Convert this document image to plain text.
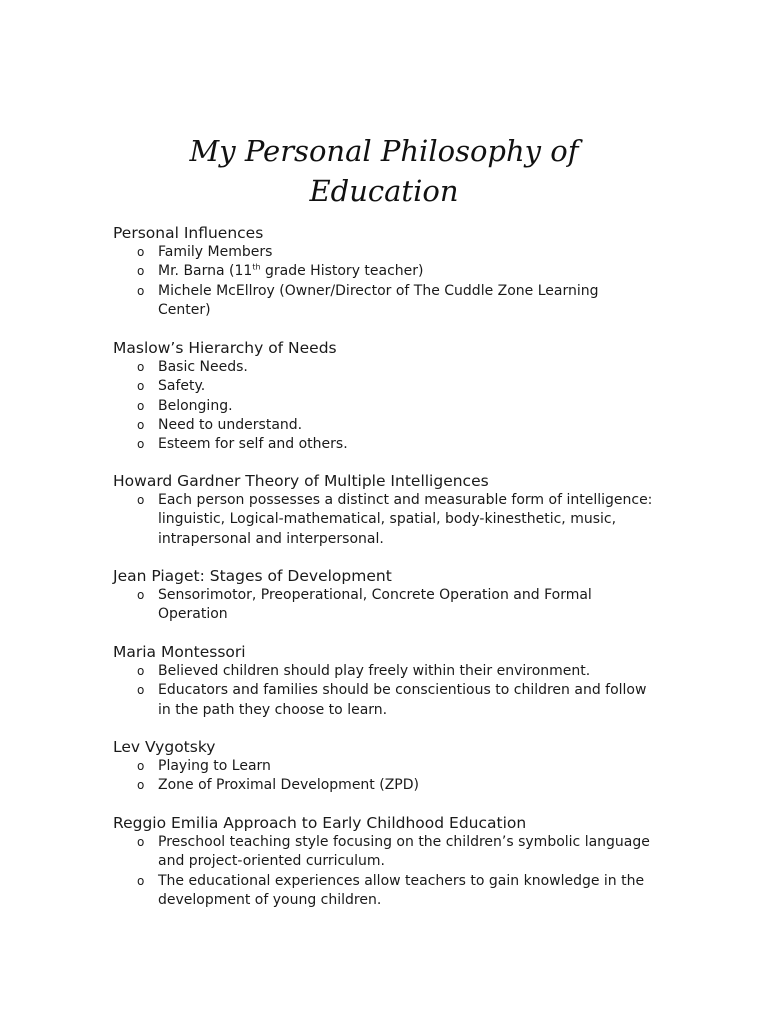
My Personal Philosophy of
Education
Personal Influences
o Family Members
o Mr. Barna (11th grade History teacher)
o Michele McEllroy (Owner/Director of The Cuddle Zone Learning Center)
Maslow’s Hierarchy of Needs
o Basic Needs.
o Safety.
o Belonging.
o Need to understand.
o Esteem for self and others.
Howard Gardner Theory of Multiple Intelligences
o Each person possesses a distinct and measurable form of intelligence: linguistic, Logical-mathematical, spatial, body-kinesthetic, music, intrapersonal and interpersonal.
Jean Piaget: Stages of Development
o Sensorimotor, Preoperational, Concrete Operation and Formal Operation
Maria Montessori
o Believed children should play freely within their environment.
o Educators and families should be conscientious to children and follow in the path they choose to learn.
Lev Vygotsky
o Playing to Learn
o Zone of Proximal Development (ZPD)
Reggio Emilia Approach to Early Childhood Education
o Preschool teaching style focusing on the children’s symbolic language and project-oriented curriculum.
o The educational experiences allow teachers to gain knowledge in the development of young children.
